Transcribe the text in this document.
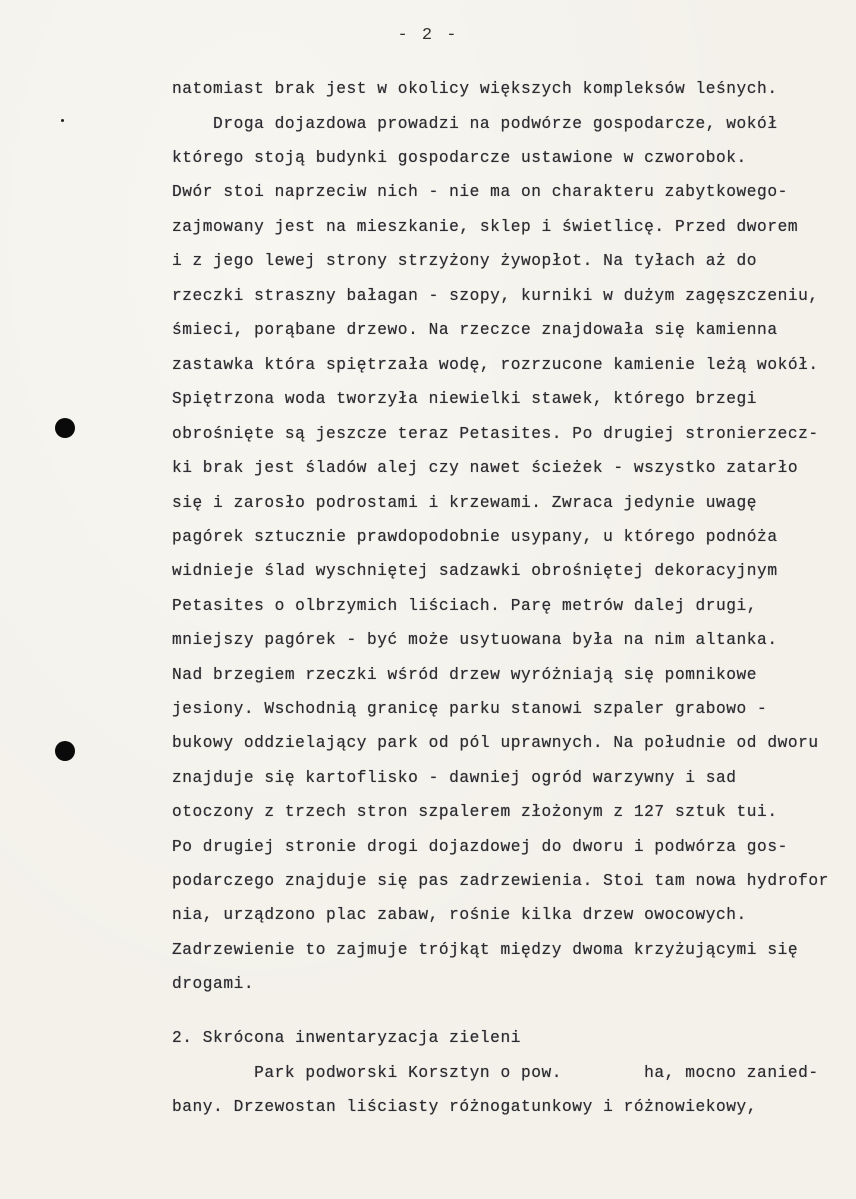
- 2 -
natomiast brak jest w okolicy większych kompleksów leśnych.
Droga dojazdowa prowadzi na podwórze gospodarcze, wokół
którego stoją budynki gospodarcze ustawione w czworobok.
Dwór stoi naprzeciw nich - nie ma on charakteru zabytkowego-
zajmowany jest na mieszkanie, sklep i świetlicę. Przed dworem
i z jego lewej strony strzyżony żywopłot. Na tyłach aż do
rzeczki straszny bałagan - szopy, kurniki w dużym zagęszczeniu,
śmieci, porąbane drzewo. Na rzeczce znajdowała się kamienna
zastawka która spiętrzała wodę, rozrzucone kamienie leżą wokół.
Spiętrzona woda tworzyła niewielki stawek, którego brzegi
obrośnięte są jeszcze teraz Petasites. Po drugiej stronierzecz-
ki brak jest śladów alej czy nawet ścieżek - wszystko zatarło
się i zarosło podrostami i krzewami. Zwraca jedynie uwagę
pagórek sztucznie prawdopodobnie usypany, u którego podnóża
widnieje ślad wyschniętej sadzawki obrośniętej dekoracyjnym
Petasites o olbrzymich liściach. Parę metrów dalej drugi,
mniejszy pagórek - być może usytuowana była na nim altanka.
Nad brzegiem rzeczki wśród drzew wyróżniają się pomnikowe
jesiony. Wschodnią granicę parku stanowi szpaler grabowo -
bukowy oddzielający park od pól uprawnych. Na południe od dworu
znajduje się kartoflisko - dawniej ogród warzywny i sad
otoczony z trzech stron szpalerem złożonym z 127 sztuk tui.
Po drugiej stronie drogi dojazdowej do dworu i podwórza gos-
podarczego znajduje się pas zadrzewienia. Stoi tam nowa hydrofor
nia, urządzono plac zabaw, rośnie kilka drzew owocowych.
Zadrzewienie to zajmuje trójkąt między dwoma krzyżującymi się
drogami.
2. Skrócona inwentaryzacja zieleni
Park podworski Korsztyn o pow.        ha, mocno zanied-
bany. Drzewostan liściasty różnogatunkowy i różnowiekowy,
